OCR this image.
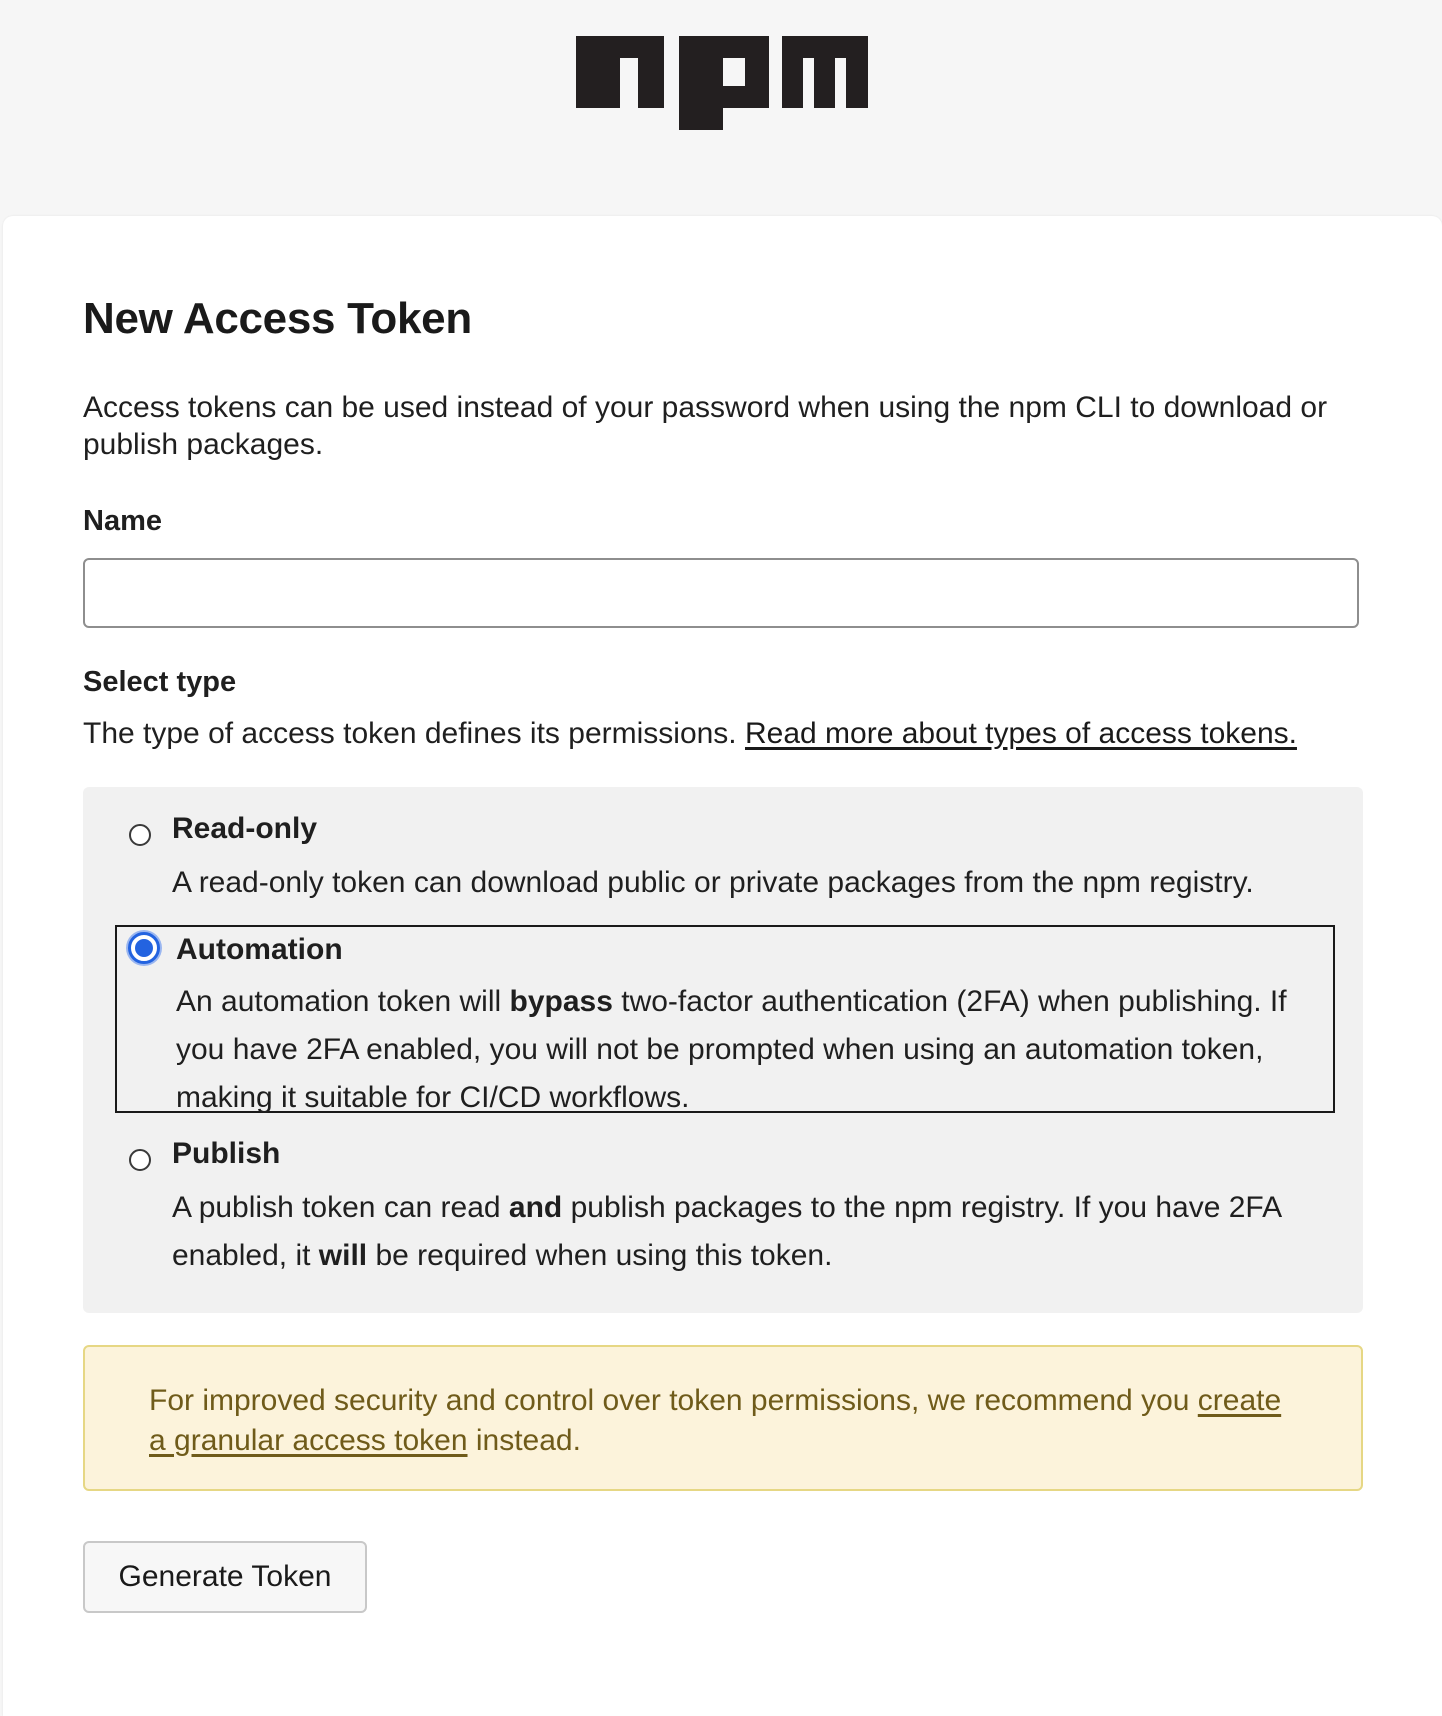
New Access Token

Access tokens can be used instead of your password when using the npm CLI to download or publish packages.

Name
Select type
The type of access token defines its permissions. Read more about types of access tokens.
Read-only
A read-only token can download public or private packages from the npm registry.
Automation
An automation token will bypass two-factor authentication (2FA) when publishing. If you have 2FA enabled, you will not be prompted when using an automation token, making it suitable for CI/CD workflows.
Publish
A publish token can read and publish packages to the npm registry. If you have 2FA enabled, it will be required when using this token.
For improved security and control over token permissions, we recommend you create a granular access token instead.
Generate Token
